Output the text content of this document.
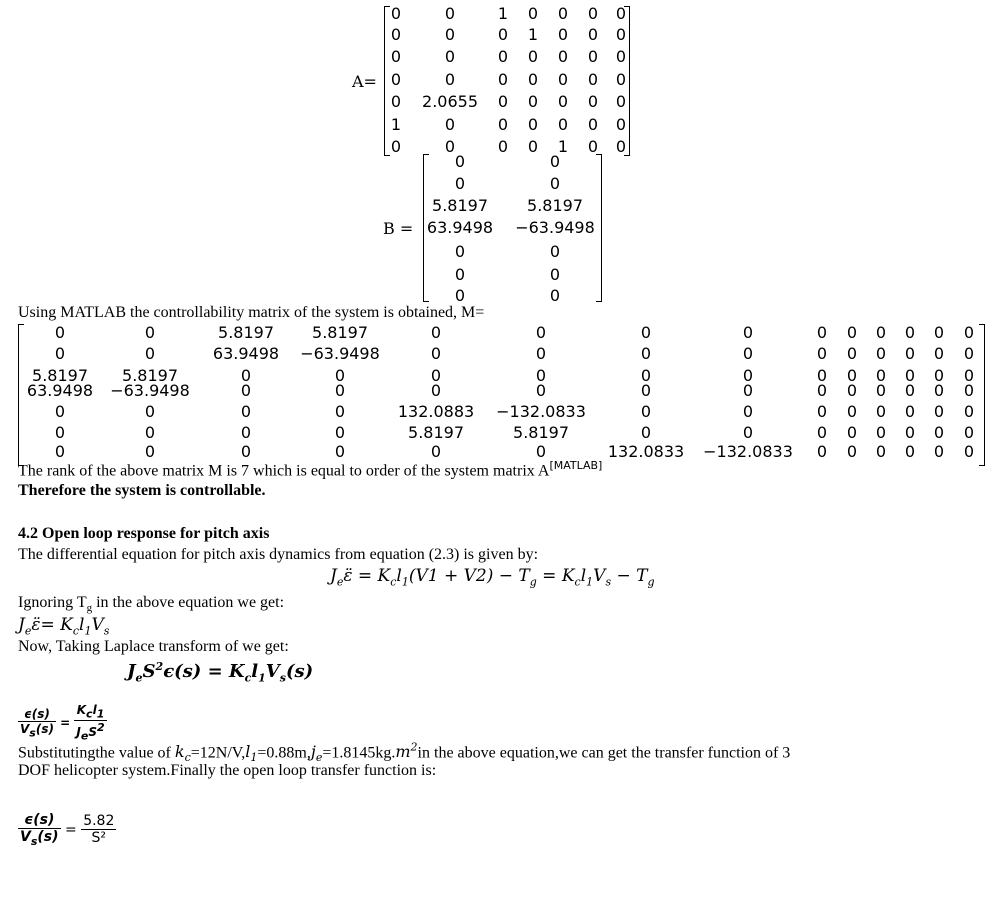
A=
0	0	1 0 0 0 0
0	0	0 1 0 0 0
0	0	0 0 0 0 0
0	0	0 0 0 0 0
0 2.0655 0 0 0 0 0
1	0	0 0 0 0 0
0	0	0 0 1 0 0
B =
0	0
0	0
5.8197 5.8197
63.9498 −63.9498
0	0
0	0
0	0
Using MATLAB the controllability matrix of the system is obtained, M=
0	0	5.8197 5.8197	0	0	0	0	0 0 0 0 0 0
0	0	63.9498 −63.9498	0	0	0	0	0 0 0 0 0 0
5.8197 5.8197	0	0	0	0	0	0	0 0 0 0 0 0
63.9498 −63.9498	0	0	0	0	0	0	0 0 0 0 0 0
0	0	0	0	132.0883 −132.0833	0	0	0 0 0 0 0 0
0	0	0	0	5.8197	5.8197	0	0	0 0 0 0 0 0
0	0	0	0	0	0	132.0833 −132.0833 0 0 0 0 0 0
The rank of the above matrix M is 7 which is equal to order of the system matrix A[MATLAB]
Therefore the system is controllable.
4.2 Open loop response for pitch axis
The differential equation for pitch axis dynamics from equation (2.3) is given by:
$J_e\varepsilon̈ = K_cl_1(V1 + V2) - T_g = K_cl_1V_s - T_g$
Ignoring $T_g$ in the above equation we get:
$J_e\varepsilon̈= K_cl_1V_s$
Now, Taking Laplace transform of we get:
$J_eS^2\epsilon(s) = K_cl_1V_s(s)$
$\frac{\epsilon(s)}{V_s(s)} = \frac{K_cl_1}{J_eS^2}$
Substitutingthe value of $k_c=12N/V,l_1=0.88m,j_e=1.8145kg.m^2in$ the above equation,we can get the transfer function of 3
DOF helicopter system.Finally the open loop transfer function is:
$\frac{\epsilon(s)}{V_s(s)} = \frac{5.82}{\text{S²}}$
